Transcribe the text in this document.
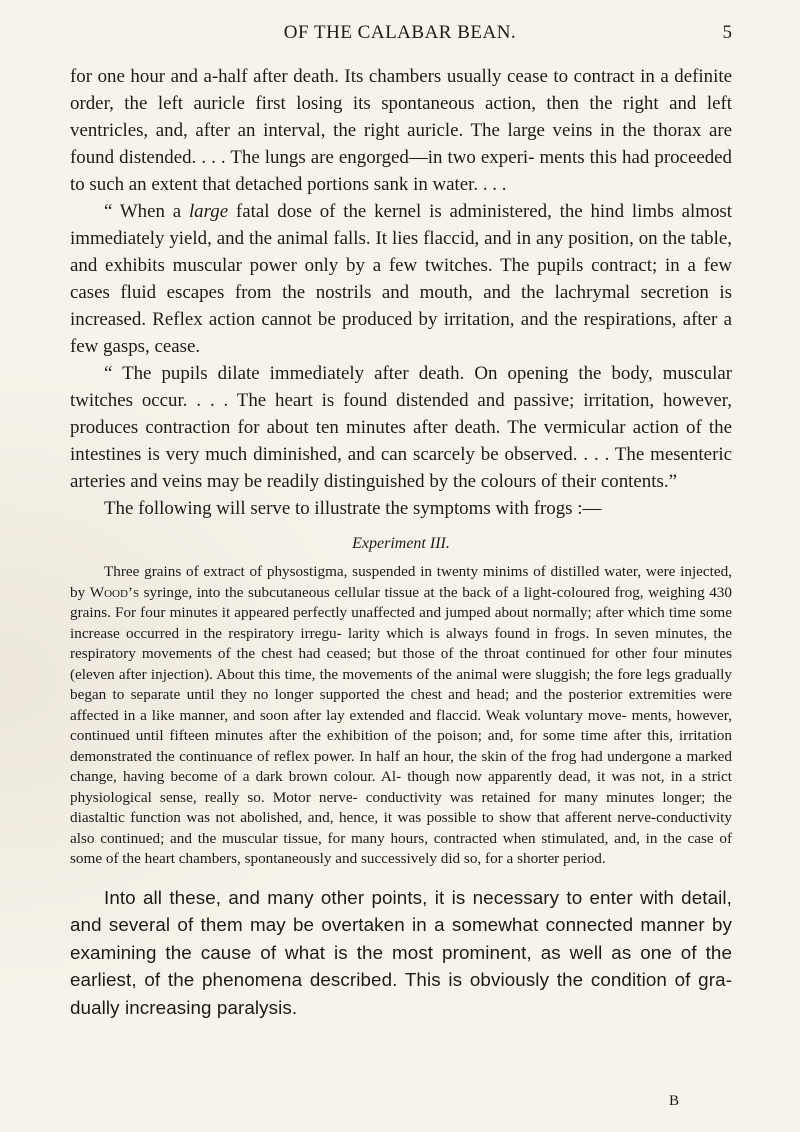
OF THE CALABAR BEAN.	5

for one hour and a-half after death. Its chambers usually cease to contract in a definite order, the left auricle first losing its spontaneous action, then the right and left ventricles, and, after an interval, the right auricle. The large veins in the thorax are found distended. . . . The lungs are engorged—in two experi- ments this had proceeded to such an extent that detached portions sank in water. . . .

“ When a large fatal dose of the kernel is administered, the hind limbs almost immediately yield, and the animal falls. It lies flaccid, and in any position, on the table, and exhibits muscular power only by a few twitches. The pupils contract; in a few cases fluid escapes from the nostrils and mouth, and the lachrymal secretion is increased. Reflex action cannot be produced by irritation, and the respirations, after a few gasps, cease.

“ The pupils dilate immediately after death. On opening the body, muscular twitches occur. . . . The heart is found distended and passive; irritation, however, produces contraction for about ten minutes after death. The vermicular action of the intestines is very much diminished, and can scarcely be observed. . . . The mesenteric arteries and veins may be readily distinguished by the colours of their contents.”

The following will serve to illustrate the symptoms with frogs :—

Experiment III.

Three grains of extract of physostigma, suspended in twenty minims of distilled water, were injected, by Wood’s syringe, into the subcutaneous cellular tissue at the back of a light-coloured frog, weighing 430 grains. For four minutes it appeared perfectly unaffected and jumped about normally; after which time some increase occurred in the respiratory irregu- larity which is always found in frogs. In seven minutes, the respiratory movements of the chest had ceased; but those of the throat continued for other four minutes (eleven after injection). About this time, the movements of the animal were sluggish; the fore legs gradually began to separate until they no longer supported the chest and head; and the posterior extremities were affected in a like manner, and soon after lay extended and flaccid. Weak voluntary move- ments, however, continued until fifteen minutes after the exhibition of the poison; and, for some time after this, irritation demonstrated the continuance of reflex power. In half an hour, the skin of the frog had undergone a marked change, having become of a dark brown colour. Al- though now apparently dead, it was not, in a strict physiological sense, really so. Motor nerve- conductivity was retained for many minutes longer; the diastaltic function was not abolished, and, hence, it was possible to show that afferent nerve-conductivity also continued; and the muscular tissue, for many hours, contracted when stimulated, and, in the case of some of the heart chambers, spontaneously and successively did so, for a shorter period.

Into all these, and many other points, it is necessary to enter with detail, and several of them may be overtaken in a somewhat connected manner by examining the cause of what is the most prominent, as well as one of the earliest, of the phenomena described. This is obviously the condition of gra- dually increasing paralysis.

B
